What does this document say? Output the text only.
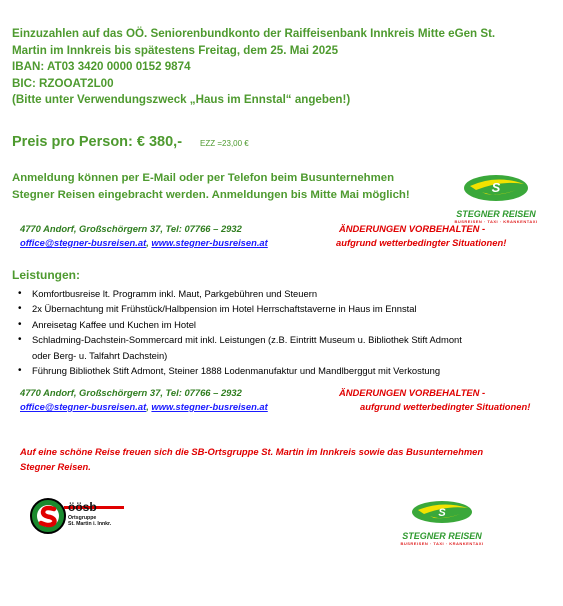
Einzuzahlen auf das OÖ. Seniorenbundkonto der Raiffeisenbank Innkreis Mitte eGen St.
Martin im Innkreis bis spätestens Freitag, dem 25. Mai 2025
IBAN: AT03 3420 0000 0152 9874
BIC: RZOOAT2L00
(Bitte unter Verwendungszweck „Haus im Ennstal“ angeben!)
Preis pro Person: € 380,- EZZ =23,00 €
Anmeldung können per E-Mail oder per Telefon beim Busunternehmen
Stegner Reisen eingebracht werden. Anmeldungen bis Mitte Mai möglich!	S
STEGNER REISEN
BUSREISEN · TAXI · KRANKENTAXI
4770 Andorf, Großschörgern 37, Tel: 07766 – 2932
office@stegner-busreisen.at, www.stegner-busreisen.at
ÄNDERUNGEN VORBEHALTEN -
aufgrund wetterbedingter Situationen!
Leistungen:
• Komfortbusreise lt. Programm inkl. Maut, Parkgebühren und Steuern
• 2x Übernachtung mit Frühstück/Halbpension im Hotel Herrschaftstaverne in Haus im Ennstal
• Anreisetag Kaffee und Kuchen im Hotel
• Schladming-Dachstein-Sommercard mit inkl. Leistungen (z.B. Eintritt Museum u. Bibliothek Stift Admont
oder Berg- u. Talfahrt Dachstein)
• Führung Bibliothek Stift Admont, Steiner 1888 Lodenmanufaktur und Mandlberggut mit Verkostung
4770 Andorf, Großschörgern 37, Tel: 07766 – 2932
office@stegner-busreisen.at, www.stegner-busreisen.at
ÄNDERUNGEN VORBEHALTEN -
aufgrund wetterbedingter Situationen!
Auf eine schöne Reise freuen sich die SB-Ortsgruppe St. Martin im Innkreis sowie das Busunternehmen
Stegner Reisen.
öösb
Ortsgruppe
St. Martin i. Innkr.
S
STEGNER REISEN
BUSREISEN · TAXI · KRANKENTAXI
